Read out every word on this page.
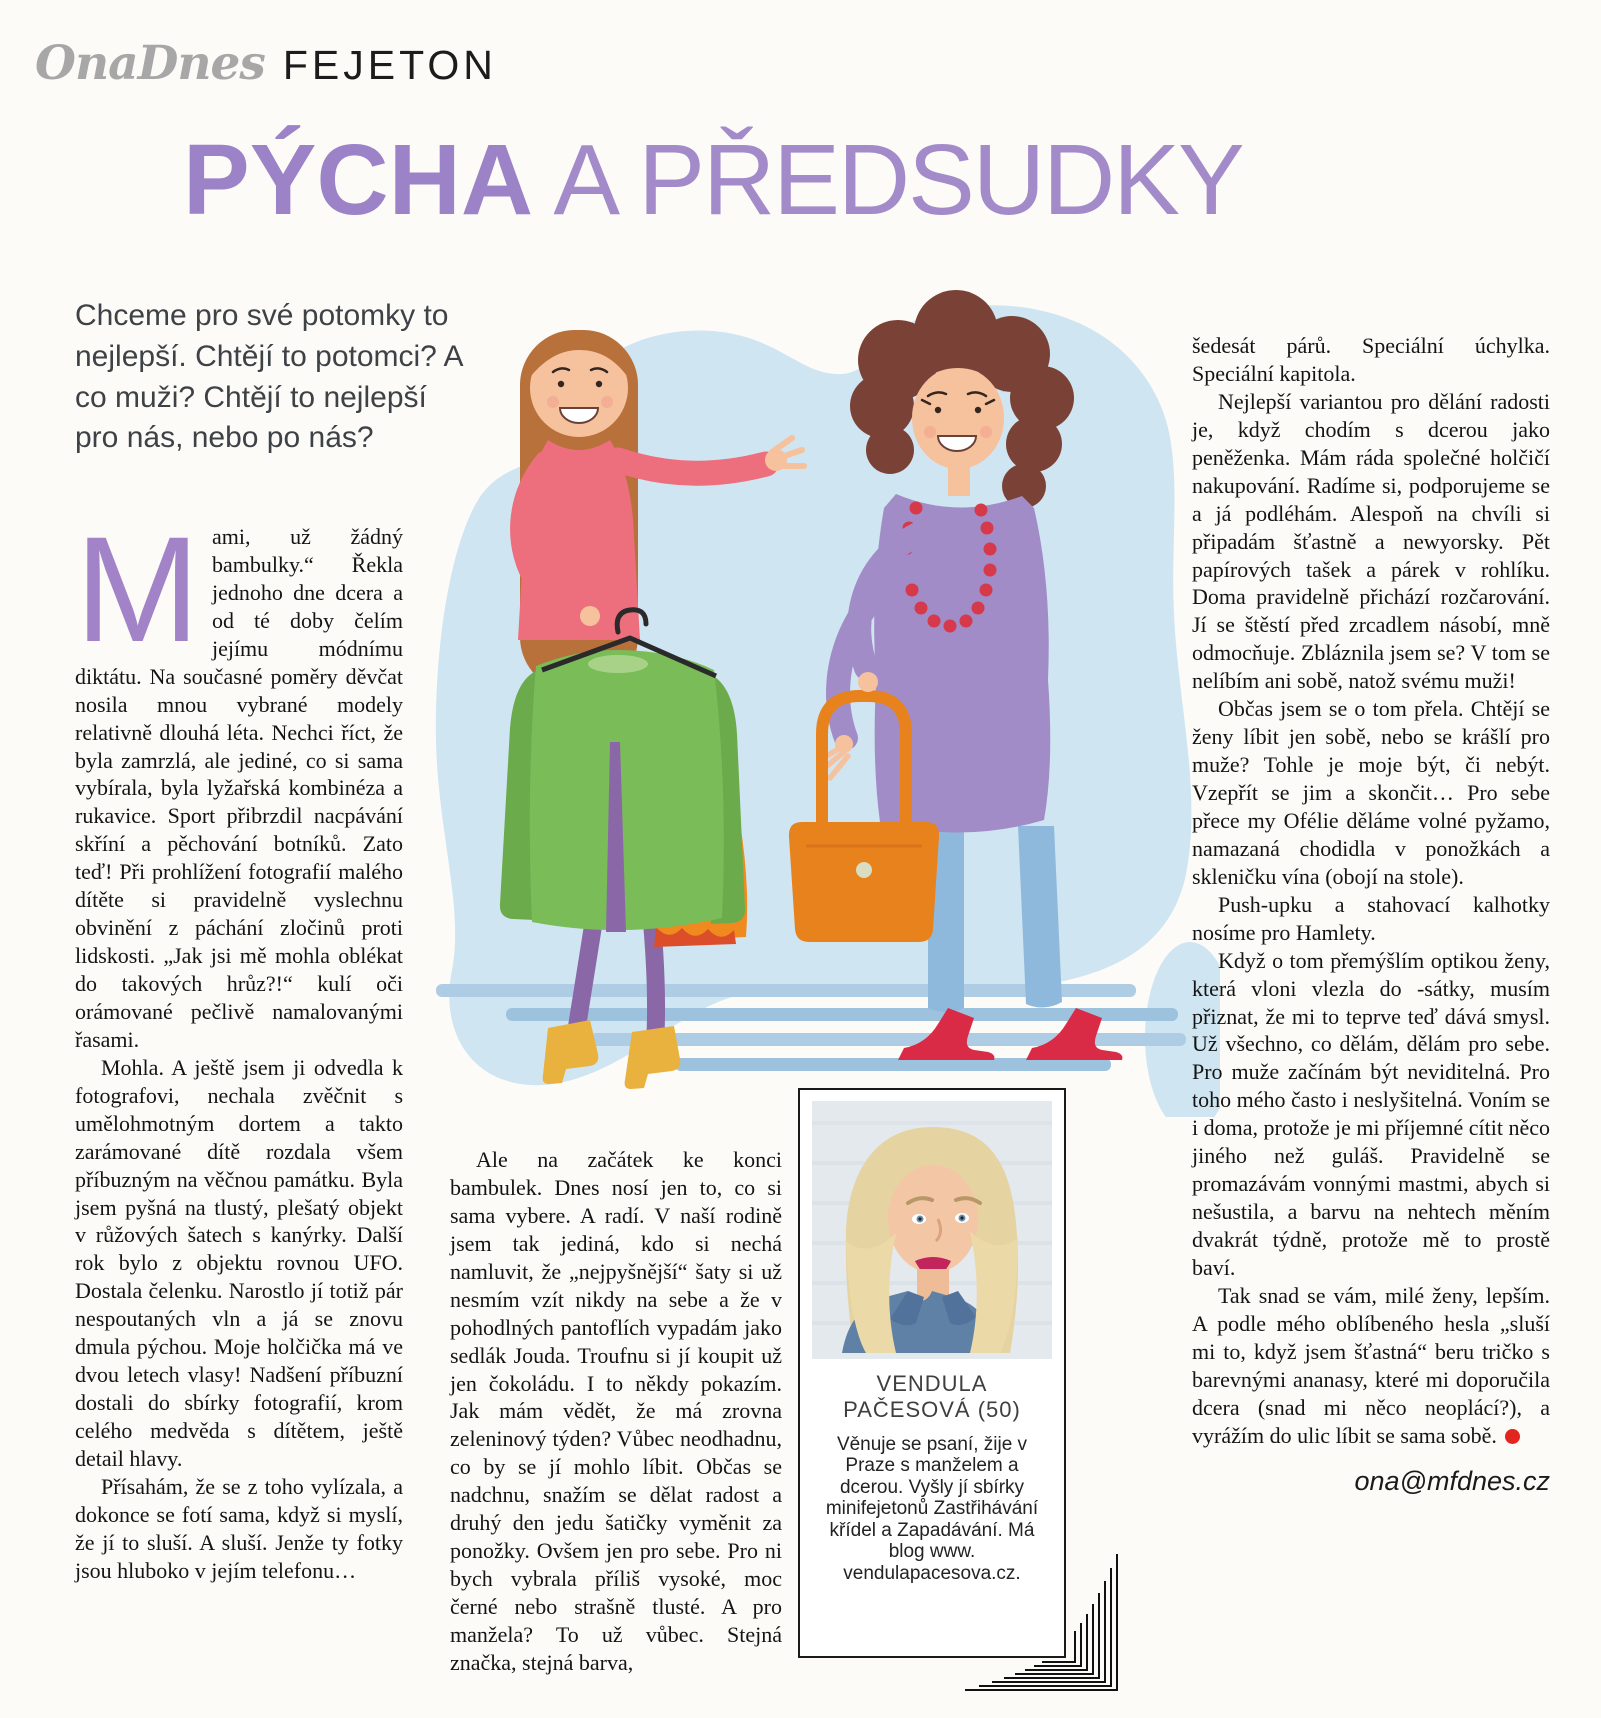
OnaDnes FEJETON
PÝCHA A PŘEDSUDKY
Chceme pro své potomky to nejlepší. Chtějí to potomci? A co muži? Chtějí to nejlepší pro nás, nebo po nás?

Mami, už žádný bambulky.“ Řekla jednoho dne dcera a od té doby čelím jejímu módnímu diktátu. Na současné poměry děvčat nosila mnou vybrané modely relativně dlouhá léta. Nechci říct, že byla zamrzlá, ale jediné, co si sama vybírala, byla lyžařská kombinéza a rukavice. Sport přibrzdil nacpávání skříní a pěchování botníků. Zato teď! Při prohlížení fotografií malého dítěte si pravidelně vyslechnu obvinění z páchání zločinů proti lidskosti. „Jak jsi mě mohla oblékat do takových hrůz?!“ kulí oči orámované pečlivě namalovanými řasami.

Mohla. A ještě jsem ji odvedla k fotografovi, nechala zvěčnit s umělohmotným dortem a takto zarámované dítě rozdala všem příbuzným na věčnou památku. Byla jsem pyšná na tlustý, plešatý objekt v růžových šatech s kanýrky. Další rok bylo z objektu rovnou UFO. Dostala čelenku. Narostlo jí totiž pár nespoutaných vln a já se znovu dmula pýchou. Moje holčička má ve dvou letech vlasy! Nadšení příbuzní dostali do sbírky fotografií, krom celého medvěda s dítětem, ještě detail hlavy.

Přísahám, že se z toho vylízala, a dokonce se fotí sama, když si myslí, že jí to sluší. A sluší. Jenže ty fotky jsou hluboko v jejím telefonu…

Ale na začátek ke konci bambulek. Dnes nosí jen to, co si sama vybere. A radí. V naší rodině jsem tak jediná, kdo si nechá namluvit, že „nejpyšnější“ šaty si už nesmím vzít nikdy na sebe a že v pohodlných pantoflích vypadám jako sedlák Jouda. Troufnu si jí koupit už jen čokoládu. I to někdy pokazím. Jak mám vědět, že má zrovna zeleninový týden? Vůbec neodhadnu, co by se jí mohlo líbit. Občas se nadchnu, snažím se dělat radost a druhý den jedu šatičky vyměnit za ponožky. Ovšem jen pro sebe. Pro ni bych vybrala příliš vysoké, moc černé nebo strašně tlusté. A pro manžela? To už vůbec. Stejná značka, stejná barva,

šedesát párů. Speciální úchylka. Speciální kapitola.

Nejlepší variantou pro dělání radosti je, když chodím s dcerou jako peněženka. Mám ráda společné holčičí nakupování. Radíme si, podporujeme se a já podléhám. Alespoň na chvíli si připadám šťastně a newyorsky. Pět papírových tašek a párek v rohlíku. Doma pravidelně přichází rozčarování. Jí se štěstí před zrcadlem násobí, mně odmocňuje. Zbláznila jsem se? V tom se nelíbím ani sobě, natož svému muži!

Občas jsem se o tom přela. Chtějí se ženy líbit jen sobě, nebo se krášlí pro muže? Tohle je moje být, či nebýt. Vzepřít se jim a skončit… Pro sebe přece my Ofélie děláme volné pyžamo, namazaná chodidla v ponožkách a skleničku vína (obojí na stole).

Push-upku a stahovací kalhotky nosíme pro Hamlety.

Když o tom přemýšlím optikou ženy, která vloni vlezla do -sátky, musím přiznat, že mi to teprve teď dává smysl. Už všechno, co dělám, dělám pro sebe. Pro muže začínám být neviditelná. Pro toho mého často i neslyšitelná. Voním se i doma, protože je mi příjemné cítit něco jiného než guláš. Pravidelně se promazávám vonnými mastmi, abych si nešustila, a barvu na nehtech měním dvakrát týdně, protože mě to prostě baví.

Tak snad se vám, milé ženy, lepším. A podle mého oblíbeného hesla „sluší mi to, když jsem šťastná“ beru tričko s barevnými ananasy, které mi doporučila dcera (snad mi něco neoplácí?), a vyrážím do ulic líbit se sama sobě.

ona@mfdnes.cz
VENDULA PAČESOVÁ (50)
Věnuje se psaní, žije v Praze s manželem a dcerou. Vyšly jí sbírky minifejetonů Zastřihávání křídel a Zapadávání. Má blog www. vendulapacesova.cz.
